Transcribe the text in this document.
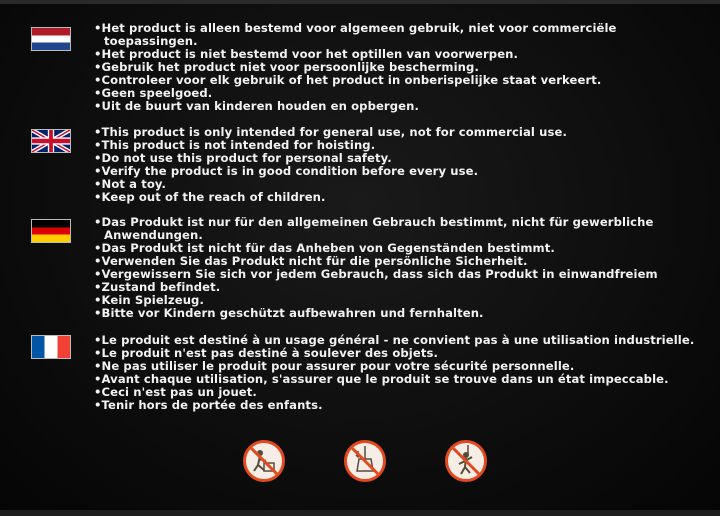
• Het product is alleen bestemd voor algemeen gebruik, niet voor commerciële toepassingen.
• Het product is niet bestemd voor het optillen van voorwerpen.
• Gebruik het product niet voor persoonlijke bescherming.
• Controleer voor elk gebruik of het product in onberispelijke staat verkeert.
• Geen speelgoed.
• Uit de buurt van kinderen houden en opbergen.
• This product is only intended for general use, not for commercial use.
• This product is not intended for hoisting.
• Do not use this product for personal safety.
• Verify the product is in good condition before every use.
• Not a toy.
• Keep out of the reach of children.
• Das Produkt ist nur für den allgemeinen Gebrauch bestimmt, nicht für gewerbliche Anwendungen.
• Das Produkt ist nicht für das Anheben von Gegenständen bestimmt.
• Verwenden Sie das Produkt nicht für die persönliche Sicherheit.
• Vergewissern Sie sich vor jedem Gebrauch, dass sich das Produkt in einwandfreiem
• Zustand befindet.
• Kein Spielzeug.
• Bitte vor Kindern geschützt aufbewahren und fernhalten.
• Le produit est destiné à un usage général - ne convient pas à une utilisation industrielle.
• Le produit n'est pas destiné à soulever des objets.
• Ne pas utiliser le produit pour assurer pour votre sécurité personnelle.
• Avant chaque utilisation, s'assurer que le produit se trouve dans un état impeccable.
• Ceci n'est pas un jouet.
• Tenir hors de portée des enfants.
